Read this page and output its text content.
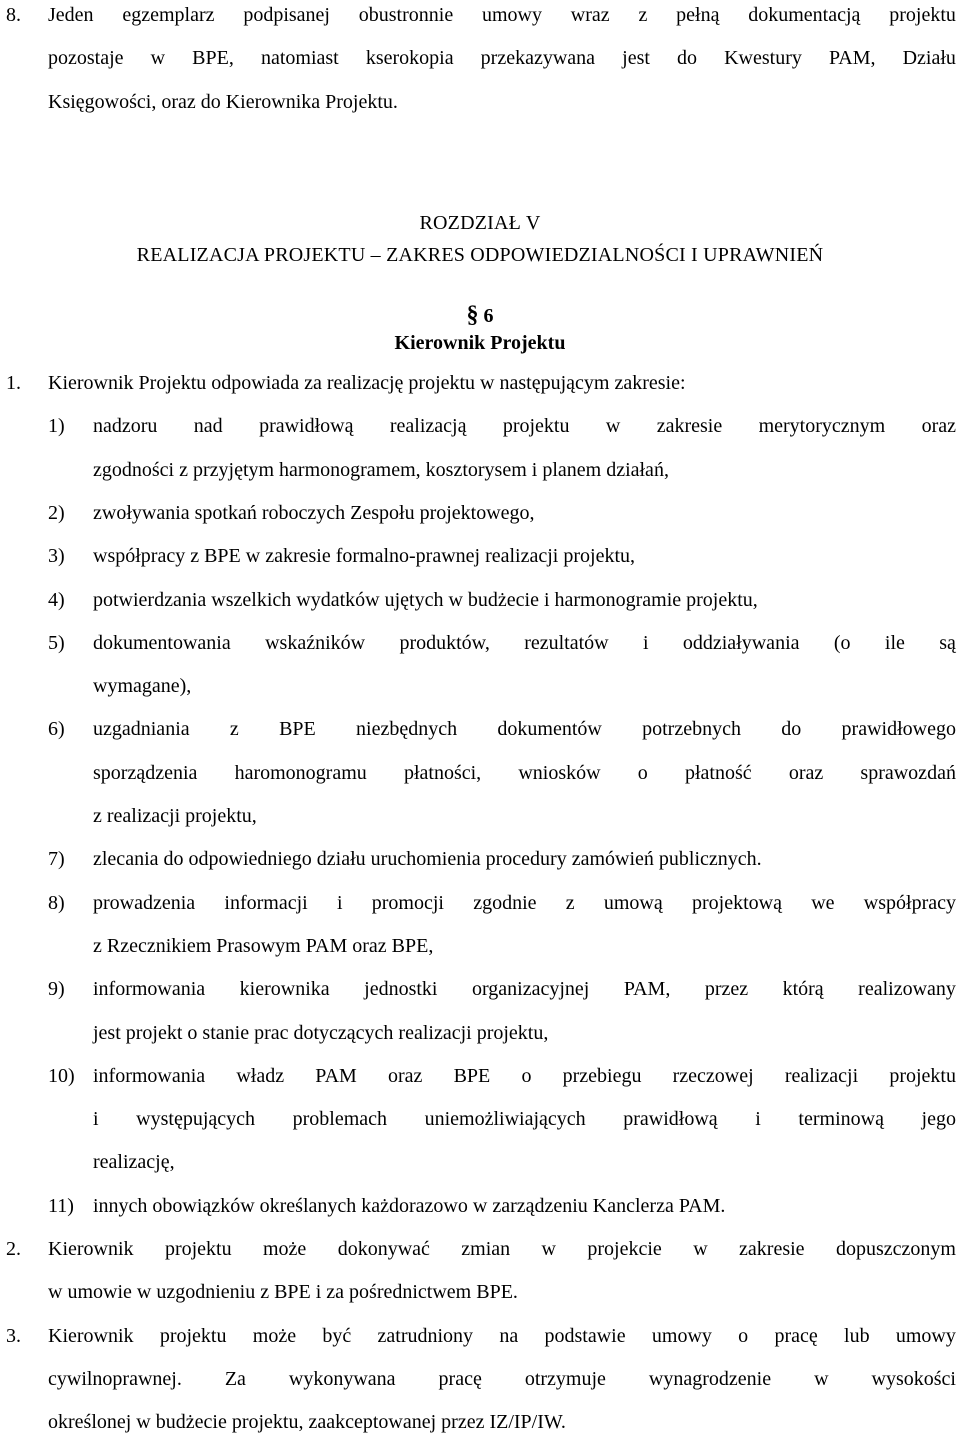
8. Jeden egzemplarz podpisanej obustronnie umowy wraz z pełną dokumentacją projektu
pozostaje w BPE, natomiast kserokopia przekazywana jest do Kwestury PAM, Działu
Księgowości, oraz do Kierownika Projektu.
ROZDZIAŁ V
REALIZACJA PROJEKTU – ZAKRES ODPOWIEDZIALNOŚCI I UPRAWNIEŃ
§ 6
Kierownik Projektu
1. Kierownik Projektu odpowiada za realizację projektu w następującym zakresie:
1) nadzoru nad prawidłową realizacją projektu w zakresie merytorycznym oraz
zgodności z przyjętym harmonogramem, kosztorysem i planem działań,
2) zwoływania spotkań roboczych Zespołu projektowego,
3) współpracy z BPE w zakresie formalno-prawnej realizacji projektu,
4) potwierdzania wszelkich wydatków ujętych w budżecie i harmonogramie projektu,
5) dokumentowania wskaźników produktów, rezultatów i oddziaływania (o ile są
wymagane),
6) uzgadniania z BPE niezbędnych dokumentów potrzebnych do prawidłowego
sporządzenia haromonogramu płatności, wniosków o płatność oraz sprawozdań
z realizacji projektu,
7) zlecania do odpowiedniego działu uruchomienia procedury zamówień publicznych.
8) prowadzenia informacji i promocji zgodnie z umową projektową we współpracy
z Rzecznikiem Prasowym PAM oraz BPE,
9) informowania kierownika jednostki organizacyjnej PAM, przez którą realizowany
jest projekt o stanie prac dotyczących realizacji projektu,
10) informowania władz PAM oraz BPE o przebiegu rzeczowej realizacji projektu
i występujących problemach uniemożliwiających prawidłową i terminową jego
realizację,
11) innych obowiązków określanych każdorazowo w zarządzeniu Kanclerza PAM.
2. Kierownik projektu może dokonywać zmian w projekcie w zakresie dopuszczonym
w umowie w uzgodnieniu z BPE i za pośrednictwem BPE.
3. Kierownik projektu może być zatrudniony na podstawie umowy o pracę lub umowy
cywilnoprawnej. Za wykonywana pracę otrzymuje wynagrodzenie w wysokości
określonej w budżecie projektu, zaakceptowanej przez IZ/IP/IW.
